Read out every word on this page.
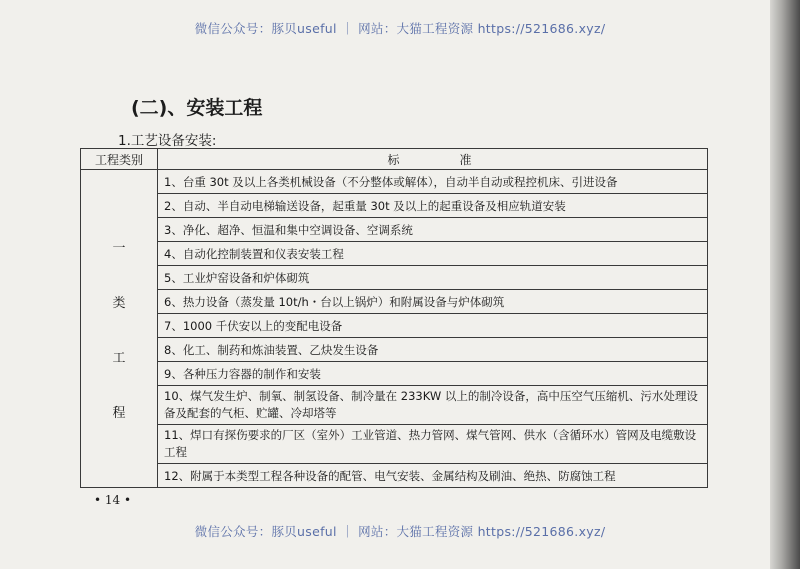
微信公众号：豚贝useful ｜ 网站：大猫工程资源 https://521686.xyz/
(二)、安装工程
1.工艺设备安装:
工程类别	标准

一
类
工
程	1、台重 30t 及以上各类机械设备（不分整体或解体），自动半自动或程控机床、引进设备
	2、自动、半自动电梯输送设备，起重量 30t 及以上的起重设备及相应轨道安装
	3、净化、超净、恒温和集中空调设备、空调系统
	4、自动化控制装置和仪表安装工程
	5、工业炉窑设备和炉体砌筑
	6、热力设备（蒸发量 10t/h・台以上锅炉）和附属设备与炉体砌筑
	7、1000 千伏安以上的变配电设备
	8、化工、制药和炼油装置、乙炔发生设备
	9、各种压力容器的制作和安装
	10、煤气发生炉、制氧、制氢设备、制冷量在 233KW 以上的制冷设备，高中压空气压缩机、污水处理设备及配套的气柜、贮罐、冷却塔等
	11、焊口有探伤要求的厂区（室外）工业管道、热力管网、煤气管网、供水（含循环水）管网及电缆敷设工程
	12、附属于本类型工程各种设备的配管、电气安装、金属结构及刷油、绝热、防腐蚀工程
• 14 •
微信公众号：豚贝useful ｜ 网站：大猫工程资源 https://521686.xyz/
